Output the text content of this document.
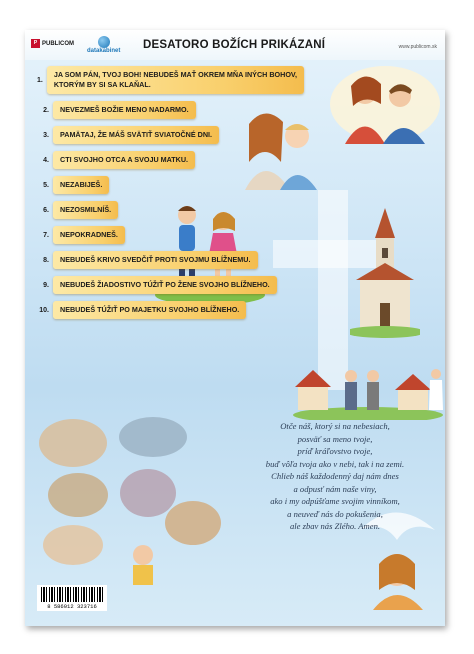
P PUBLICOM
datakabinet DESATORO BOŽÍCH PRIKÁZANÍ	www.publicom.sk
1.
JA SOM PÁN, TVOJ BOH! NEBUDEŠ MAŤ OKREM MŇA INÝCH BOHOV,
KTORÝM BY SI SA KLAŇAL.
2.	NEVEZMEŠ BOŽIE MENO NADARMO.
3.	PAMÄTAJ, ŽE MÁŠ SVÄTIŤ SVIATOČNÉ DNI.
4.	CTI SVOJHO OTCA A SVOJU MATKU.
5.	NEZABIJEŠ.
6.	NEZOSMILNÍŠ.
7.	NEPOKRADNEŠ.
8.	NEBUDEŠ KRIVO SVEDČIŤ PROTI SVOJMU BLÍŽNEMU.
9.	NEBUDEŠ ŽIADOSTIVO TÚŽIŤ PO ŽENE SVOJHO BLÍŽNEHO.
10.	NEBUDEŠ TÚŽIŤ PO MAJETKU SVOJHO BLÍŽNEHO.
Otče náš, ktorý si na nebesiach,
posväť sa meno tvoje,
príď kráľovstvo tvoje,
buď vôľa tvoja ako v nebi, tak i na zemi.
Chlieb náš každodenný daj nám dnes
a odpusť nám naše viny,
ako i my odpúšťame svojim vinníkom,
a neuveď nás do pokušenia,
ale zbav nás Zlého. Amen.
8 586012 323716
